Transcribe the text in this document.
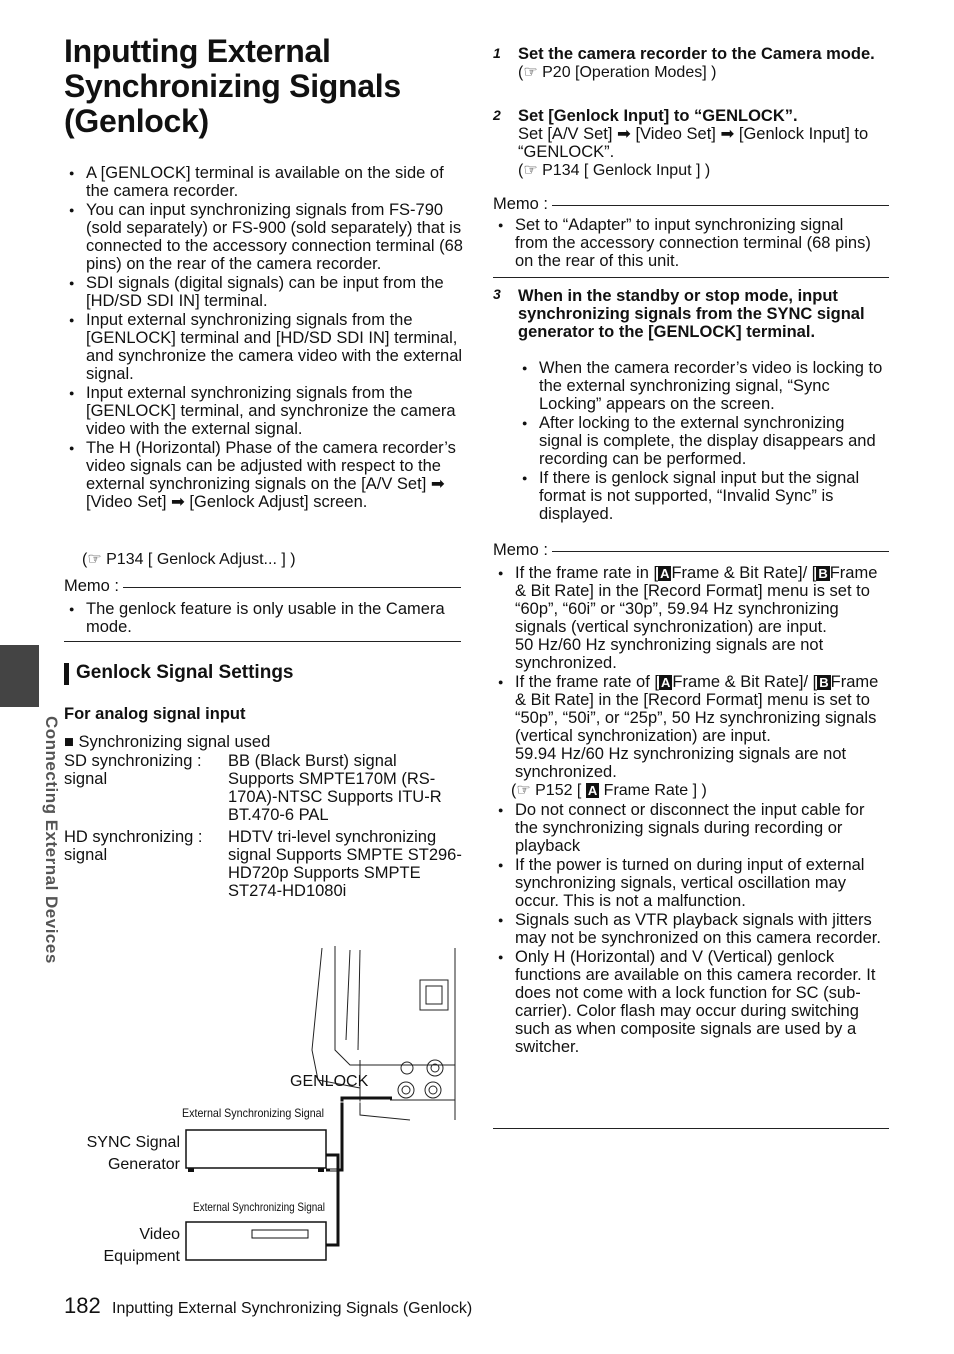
Inputting External Synchronizing Signals (Genlock)
Connecting External Devices
● A [GENLOCK] terminal is available on the side of the camera recorder.
● You can input synchronizing signals from FS-790 (sold separately) or FS-900 (sold separately) that is connected to the accessory connection terminal (68 pins) on the rear of the camera recorder.
● SDI signals (digital signals) can be input from the [HD/SD SDI IN] terminal.
● Input external synchronizing signals from the [GENLOCK] terminal and [HD/SD SDI IN] terminal, and synchronize the camera video with the external signal.
● Input external synchronizing signals from the [GENLOCK] terminal, and synchronize the camera video with the external signal.
● The H (Horizontal) Phase of the camera recorder’s video signals can be adjusted with respect to the external synchronizing signals on the [A/V Set] ➡ [Video Set] ➡ [Genlock Adjust] screen.
(☞ P134 [ Genlock Adjust... ] )
Memo :
● The genlock feature is only usable in the Camera mode.
Genlock Signal Settings
For analog signal input
■ Synchronizing signal used
SD synchronizing : signal	BB (Black Burst) signal Supports SMPTE170M (RS-170A)-NTSC Supports ITU-R BT.470-6 PAL
HD synchronizing : signal	HDTV tri-level synchronizing signal Supports SMPTE ST296-HD720p Supports SMPTE ST274-HD1080i
GENLOCK
External Synchronizing Signal
SYNC Signal
Generator
External Synchronizing Signal
Video
Equipment
182 Inputting External Synchronizing Signals (Genlock)
1 Set the camera recorder to the Camera mode.
(☞ P20 [Operation Modes] )
2 Set [Genlock Input] to “GENLOCK”.
Set [A/V Set] ➡ [Video Set] ➡ [Genlock Input] to “GENLOCK”.
(☞ P134 [ Genlock Input ] )
Memo :
● Set to “Adapter” to input synchronizing signal from the accessory connection terminal (68 pins) on the rear of this unit.
3 When in the standby or stop mode, input synchronizing signals from the SYNC signal generator to the [GENLOCK] terminal.
● When the camera recorder’s video is locking to the external synchronizing signal, “Sync Locking” appears on the screen.
● After locking to the external synchronizing signal is complete, the display disappears and recording can be performed.
● If there is genlock signal input but the signal format is not supported, “Invalid Sync” is displayed.
Memo :
● If the frame rate in [ A Frame & Bit Rate]/ [ B Frame & Bit Rate] in the [Record Format] menu is set to “60p”, “60i” or “30p”, 59.94 Hz synchronizing signals (vertical synchronization) are input.
50 Hz/60 Hz synchronizing signals are not synchronized.
● If the frame rate of [ A Frame & Bit Rate]/ [ B Frame & Bit Rate] in the [Record Format] menu is set to “50p”, “50i”, or “25p”, 50 Hz synchronizing signals (vertical synchronization) are input.
59.94 Hz/60 Hz synchronizing signals are not synchronized.
(☞ P152 [ A Frame Rate ] )
● Do not connect or disconnect the input cable for the synchronizing signals during recording or playback
● If the power is turned on during input of external synchronizing signals, vertical oscillation may occur. This is not a malfunction.
● Signals such as VTR playback signals with jitters may not be synchronized on this camera recorder.
● Only H (Horizontal) and V (Vertical) genlock functions are available on this camera recorder. It does not come with a lock function for SC (sub-carrier). Color flash may occur during switching such as when composite signals are used by a switcher.
